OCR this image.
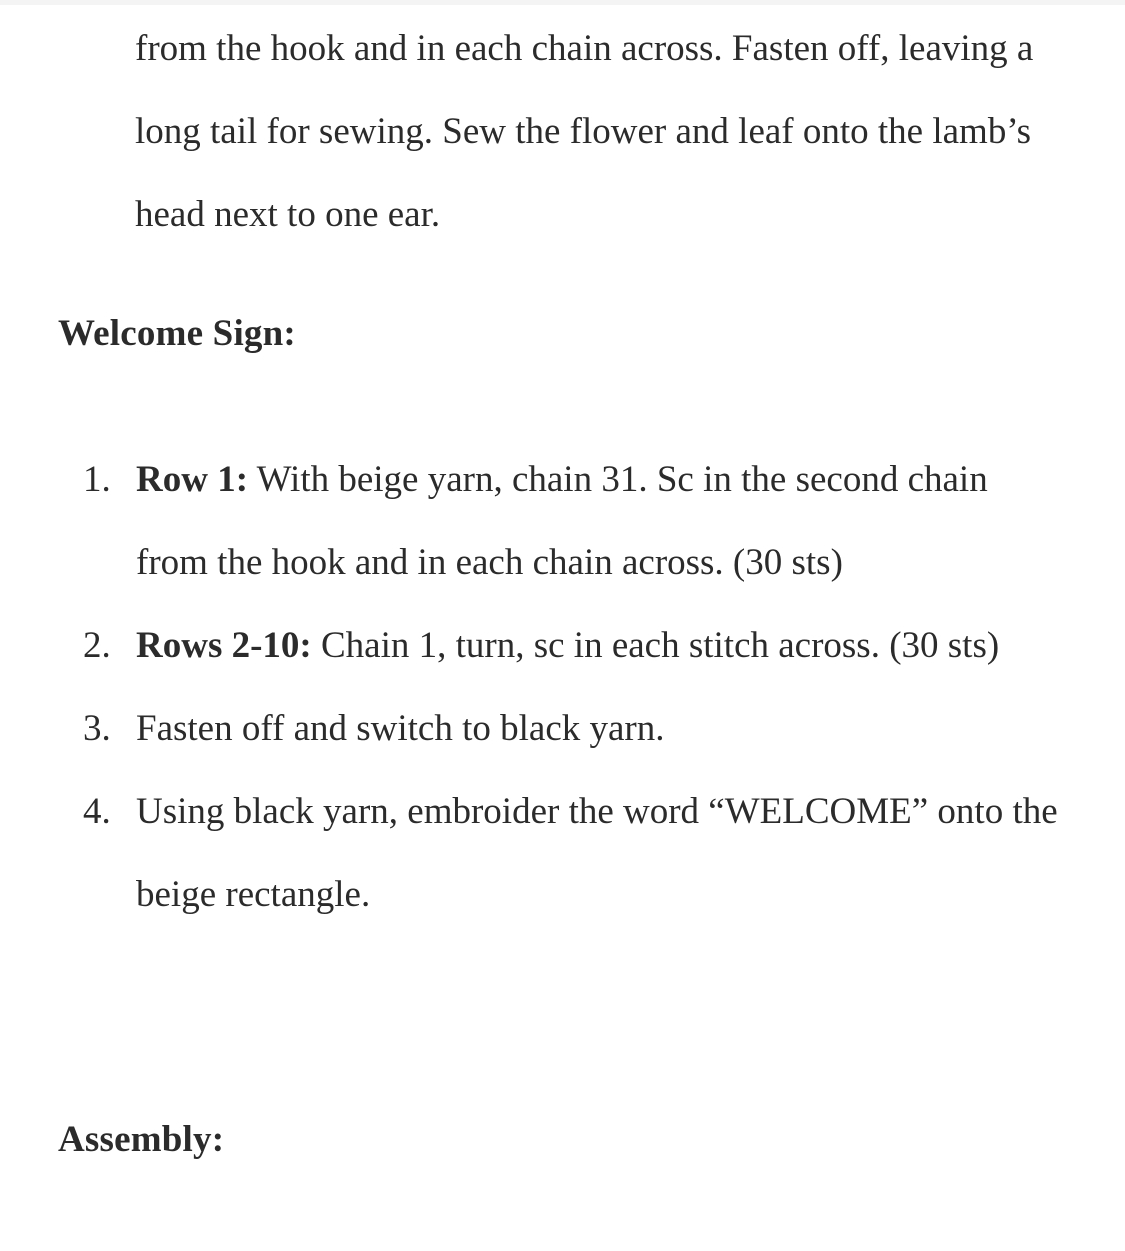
from the hook and in each chain across. Fasten off, leaving a long tail for sewing. Sew the flower and leaf onto the lamb’s head next to one ear.

Welcome Sign:
1. Row 1: With beige yarn, chain 31. Sc in the second chain from the hook and in each chain across. (30 sts)
2. Rows 2-10: Chain 1, turn, sc in each stitch across. (30 sts)
3. Fasten off and switch to black yarn.
4. Using black yarn, embroider the word “WELCOME” onto the beige rectangle.
Assembly:
